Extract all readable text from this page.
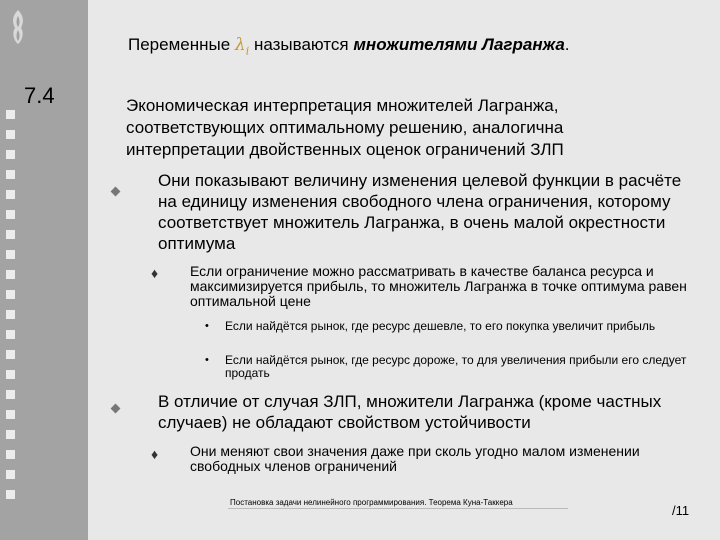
7.4

Переменные $\lambda_i$ называются множителями Лагранжа.

Экономическая интерпретация множителей Лагранжа, соответствующих оптимальному решению, аналогична интерпретации двойственных оценок ограничений ЗЛП

Они показывают величину изменения целевой функции в расчёте на единицу изменения свободного члена ограничения, которому соответствует множитель Лагранжа, в очень малой окрестности оптимума

♦ Если ограничение можно рассматривать в качестве баланса ресурса и максимизируется прибыль, то множитель Лагранжа в точке оптимума равен оптимальной цене

• Если найдётся рынок, где ресурс дешевле, то его покупка увеличит прибыль

• Если найдётся рынок, где ресурс дороже, то для увеличения прибыли его следует продать

В отличие от случая ЗЛП, множители Лагранжа (кроме частных случаев) не обладают свойством устойчивости

♦ Они меняют свои значения даже при сколь угодно малом изменении свободных членов ограничений

Постановка задачи нелинейного программирования. Теорема Куна-Таккера
/11
